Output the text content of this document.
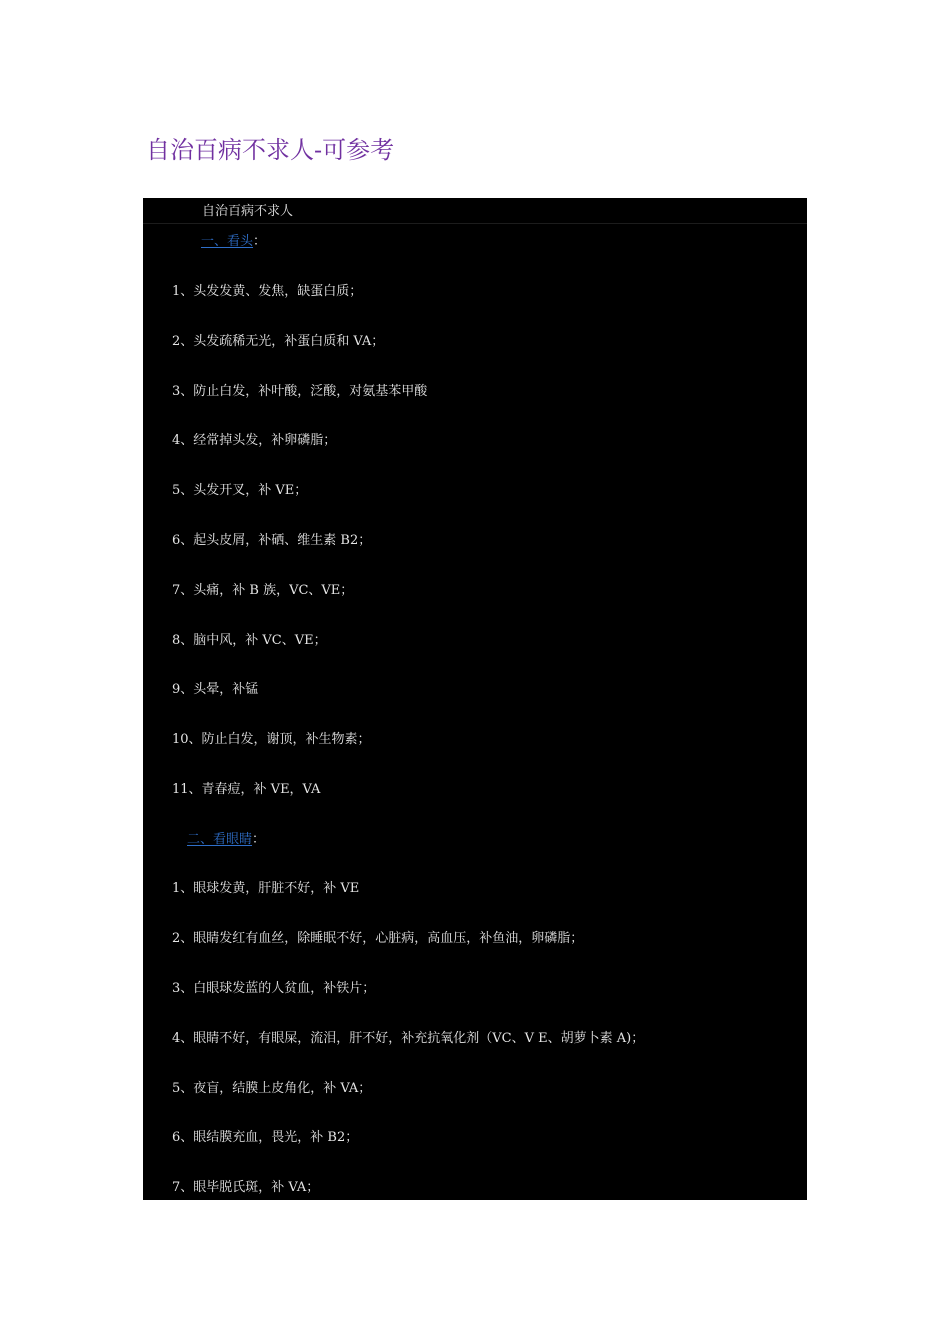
自治百病不求人-可参考
自治百病不求人
一、看头：
1、头发发黄、发焦，缺蛋白质；
2、头发疏稀无光，补蛋白质和 VA；
3、防止白发，补叶酸，泛酸，对氨基苯甲酸
4、经常掉头发，补卵磷脂；
5、头发开叉，补 VE；
6、起头皮屑，补硒、维生素 B2；
7、头痛，补 B 族，VC、VE；
8、脑中风，补 VC、VE；
9、头晕，补锰
10、防止白发，谢顶，补生物素；
11、青春痘，补 VE，VA
二、看眼睛：
1、眼球发黄，肝脏不好，补 VE
2、眼睛发红有血丝，除睡眠不好，心脏病，高血压，补鱼油，卵磷脂；
3、白眼球发蓝的人贫血，补铁片；
4、眼睛不好，有眼屎，流泪，肝不好，补充抗氧化剂（VC、V E、胡萝卜素 A)；
5、夜盲，结膜上皮角化，补 VA；
6、眼结膜充血，畏光，补 B2；
7、眼毕脱氏斑，补 VA；
